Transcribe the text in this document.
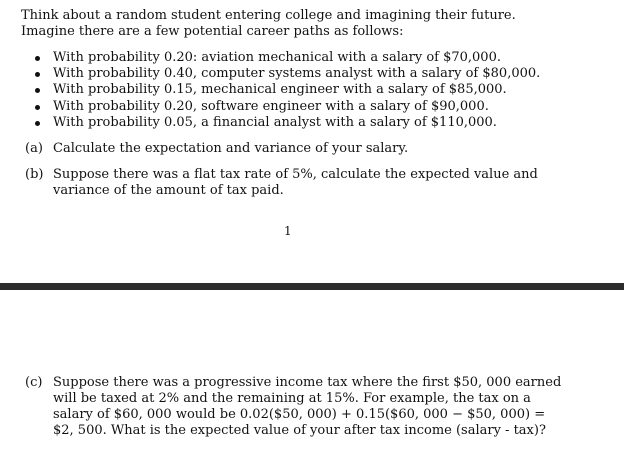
Think about a random student entering college and imagining their future. Imagine there are a few potential career paths as follows:
With probability 0.20: aviation mechanical with a salary of $70,000.
With probability 0.40, computer systems analyst with a salary of $80,000.
With probability 0.15, mechanical engineer with a salary of $85,000.
With probability 0.20, software engineer with a salary of $90,000.
With probability 0.05, a financial analyst with a salary of $110,000.
(a) Calculate the expectation and variance of your salary.
(b) Suppose there was a flat tax rate of 5%, calculate the expected value and variance of the amount of tax paid.
1
(c) Suppose there was a progressive income tax where the first $50, 000 earned will be taxed at 2% and the remaining at 15%. For example, the tax on a salary of $60, 000 would be 0.02($50, 000) + 0.15($60, 000 − $50, 000) = $2, 500. What is the expected value of your after tax income (salary - tax)?
